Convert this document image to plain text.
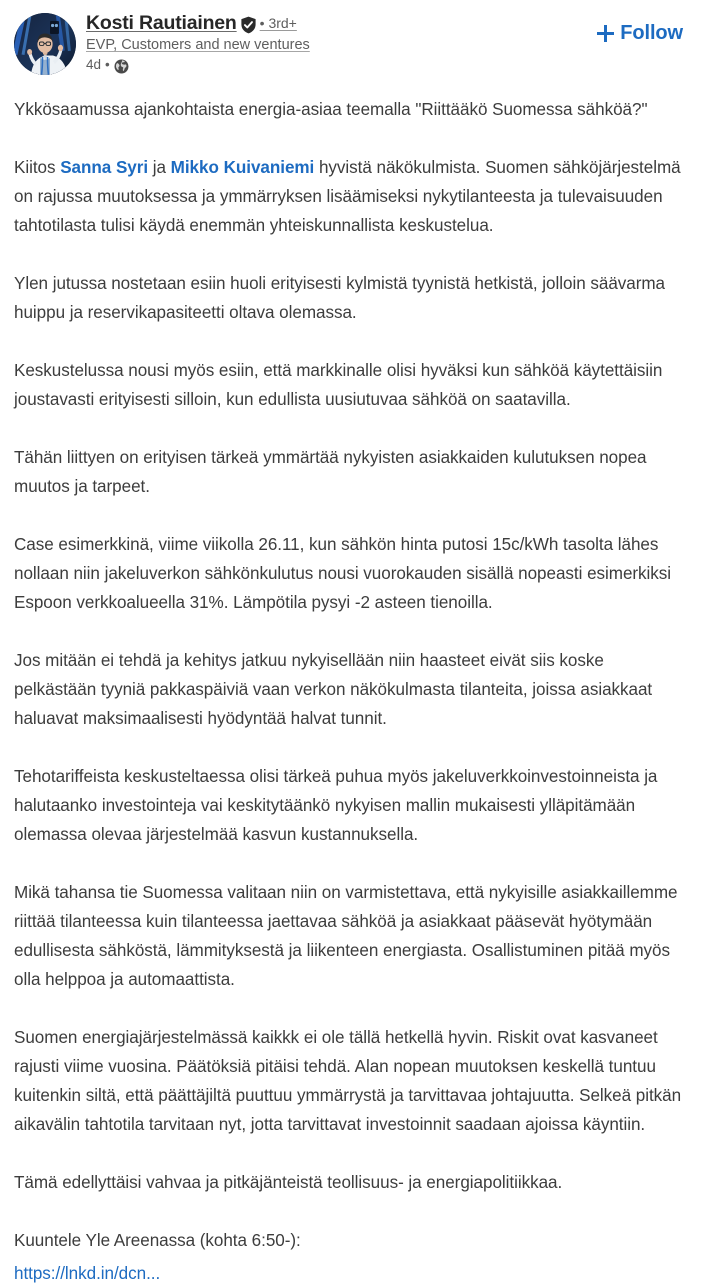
Kosti Rautiainen • 3rd+
EVP, Customers and new ventures
4d •
Follow

Ykkösaamussa ajankohtaista energia-asiaa teemalla "Riittääkö Suomessa sähköä?"

Kiitos Sanna Syri ja Mikko Kuivaniemi hyvistä näkökulmista. Suomen sähköjärjestelmä on rajussa muutoksessa ja ymmärryksen lisäämiseksi nykytilanteesta ja tulevaisuuden tahtotilasta tulisi käydä enemmän yhteiskunnallista keskustelua.

Ylen jutussa nostetaan esiin huoli erityisesti kylmistä tyynistä hetkistä, jolloin säävarma huippu ja reservikapasiteetti oltava olemassa.

Keskustelussa nousi myös esiin, että markkinalle olisi hyväksi kun sähköä käytettäisiin joustavasti erityisesti silloin, kun edullista uusiutuvaa sähköä on saatavilla.

Tähän liittyen on erityisen tärkeä ymmärtää nykyisten asiakkaiden kulutuksen nopea muutos ja tarpeet.

Case esimerkkinä, viime viikolla 26.11, kun sähkön hinta putosi 15c/kWh tasolta lähes nollaan niin jakeluverkon sähkönkulutus nousi vuorokauden sisällä nopeasti esimerkiksi Espoon verkkoalueella 31%. Lämpötila pysyi -2 asteen tienoilla.

Jos mitään ei tehdä ja kehitys jatkuu nykyisellään niin haasteet eivät siis koske pelkästään tyyniä pakkaspäiviä vaan verkon näkökulmasta tilanteita, joissa asiakkaat haluavat maksimaalisesti hyödyntää halvat tunnit.

Tehotariffeista keskusteltaessa olisi tärkeä puhua myös jakeluverkkoinvestoinneista ja halutaanko investointeja vai keskitytäänkö nykyisen mallin mukaisesti ylläpitämään olemassa olevaa järjestelmää kasvun kustannuksella.

Mikä tahansa tie Suomessa valitaan niin on varmistettava, että nykyisille asiakkaillemme riittää tilanteessa kuin tilanteessa jaettavaa sähköä ja asiakkaat pääsevät hyötymään edullisesta sähköstä, lämmityksestä ja liikenteen energiasta. Osallistuminen pitää myös olla helppoa ja automaattista.

Suomen energiajärjestelmässä kaikkk ei ole tällä hetkellä hyvin. Riskit ovat kasvaneet rajusti viime vuosina. Päätöksiä pitäisi tehdä. Alan nopean muutoksen keskellä tuntuu kuitenkin siltä, että päättäjiltä puuttuu ymmärrystä ja tarvittavaa johtajuutta. Selkeä pitkän aikavälin tahtotila tarvitaan nyt, jotta tarvittavat investoinnit saadaan ajoissa käyntiin.

Tämä edellyttäisi vahvaa ja pitkäjänteistä teollisuus- ja energiapolitiikkaa.

Kuuntele Yle Areenassa (kohta 6:50-):

https://lnkd.in/dcn...
